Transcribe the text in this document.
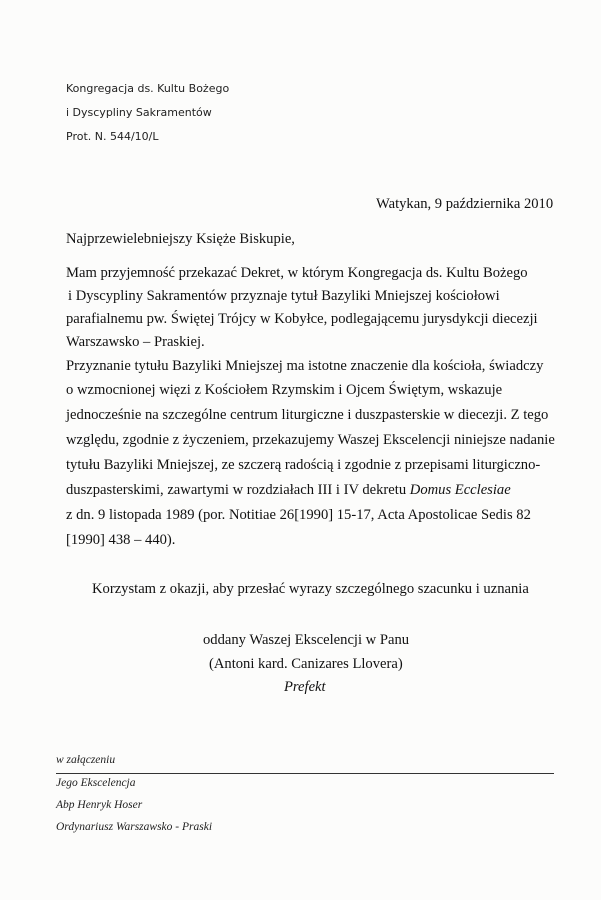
Kongregacja ds. Kultu Bożego
i Dyscypliny Sakramentów
Prot. N. 544/10/L
Watykan, 9 października 2010
Najprzewielebniejszy Księże Biskupie,
Mam przyjemność przekazać Dekret, w którym Kongregacja ds. Kultu Bożego
i Dyscypliny Sakramentów przyznaje tytuł Bazyliki Mniejszej kościołowi
parafialnemu pw. Świętej Trójcy w Kobyłce, podlegającemu jurysdykcji diecezji
Warszawsko – Praskiej.
Przyznanie tytułu Bazyliki Mniejszej ma istotne znaczenie dla kościoła, świadczy
o wzmocnionej więzi z Kościołem Rzymskim i Ojcem Świętym, wskazuje
jednocześnie na szczególne centrum liturgiczne i duszpasterskie w diecezji. Z tego
względu, zgodnie z życzeniem, przekazujemy Waszej Ekscelencji niniejsze nadanie
tytułu Bazyliki Mniejszej, ze szczerą radością i zgodnie z przepisami liturgiczno-
duszpasterskimi, zawartymi w rozdziałach III i IV dekretu Domus Ecclesiae
z dn. 9 listopada 1989 (por. Notitiae 26[1990] 15-17, Acta Apostolicae Sedis 82
[1990] 438 – 440).
Korzystam z okazji, aby przesłać wyrazy szczególnego szacunku i uznania
oddany Waszej Ekscelencji w Panu
(Antoni kard. Canizares Llovera)
Prefekt
w załączeniu
Jego Ekscelencja
Abp Henryk Hoser
Ordynariusz Warszawsko - Praski
